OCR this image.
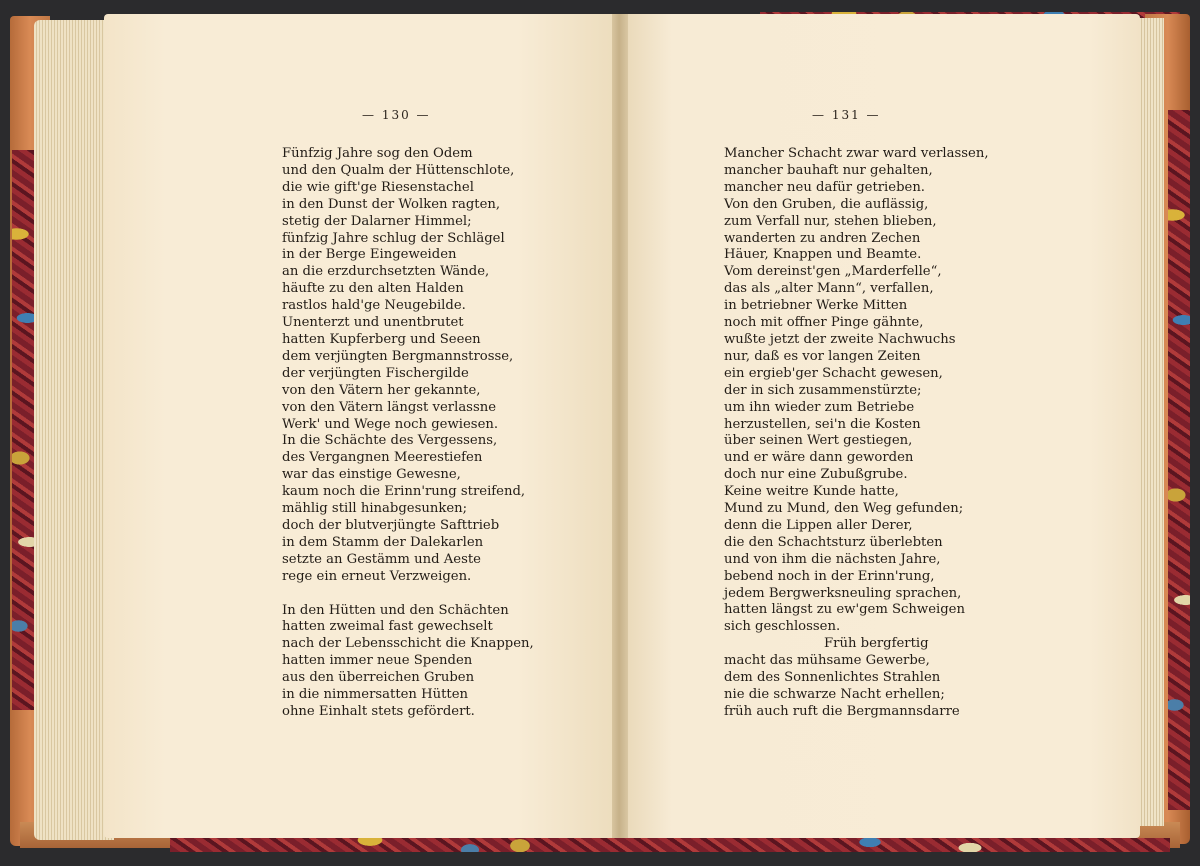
— 130 —
Fünfzig Jahre sog den Odem
und den Qualm der Hüttenschlote,
die wie gift'ge Riesenstachel
in den Dunst der Wolken ragten,
stetig der Dalarner Himmel;
fünfzig Jahre schlug der Schlägel
in der Berge Eingeweiden
an die erzdurchsetzten Wände,
häufte zu den alten Halden
rastlos hald'ge Neugebilde.
Unenterzt und unentbrutet
hatten Kupferberg und Seeen
dem verjüngten Bergmannstrosse,
der verjüngten Fischergilde
von den Vätern her gekannte,
von den Vätern längst verlassne
Werk' und Wege noch gewiesen.
In die Schächte des Vergessens,
des Vergangnen Meerestiefen
war das einstige Gewesne,
kaum noch die Erinn'rung streifend,
mählig still hinabgesunken;
doch der blutverjüngte Safttrieb
in dem Stamm der Dalekarlen
setzte an Gestämm und Aeste
rege ein erneut Verzweigen.
In den Hütten und den Schächten
hatten zweimal fast gewechselt
nach der Lebensschicht die Knappen,
hatten immer neue Spenden
aus den überreichen Gruben
in die nimmersatten Hütten
ohne Einhalt stets gefördert.
— 131 —
Mancher Schacht zwar ward verlassen,
mancher bauhaft nur gehalten,
mancher neu dafür getrieben.
Von den Gruben, die auflässig,
zum Verfall nur, stehen blieben,
wanderten zu andren Zechen
Häuer, Knappen und Beamte.
Vom dereinst'gen „Marderfelle“,
das als „alter Mann“, verfallen,
in betriebner Werke Mitten
noch mit offner Pinge gähnte,
wußte jetzt der zweite Nachwuchs
nur, daß es vor langen Zeiten
ein ergieb'ger Schacht gewesen,
der in sich zusammenstürzte;
um ihn wieder zum Betriebe
herzustellen, sei'n die Kosten
über seinen Wert gestiegen,
und er wäre dann geworden
doch nur eine Zubußgrube.
Keine weitre Kunde hatte,
Mund zu Mund, den Weg gefunden;
denn die Lippen aller Derer,
die den Schachtsturz überlebten
und von ihm die nächsten Jahre,
bebend noch in der Erinn'rung,
jedem Bergwerksneuling sprachen,
hatten längst zu ew'gem Schweigen
sich geschlossen.
Früh bergfertig
macht das mühsame Gewerbe,
dem des Sonnenlichtes Strahlen
nie die schwarze Nacht erhellen;
früh auch ruft die Bergmannsdarre
